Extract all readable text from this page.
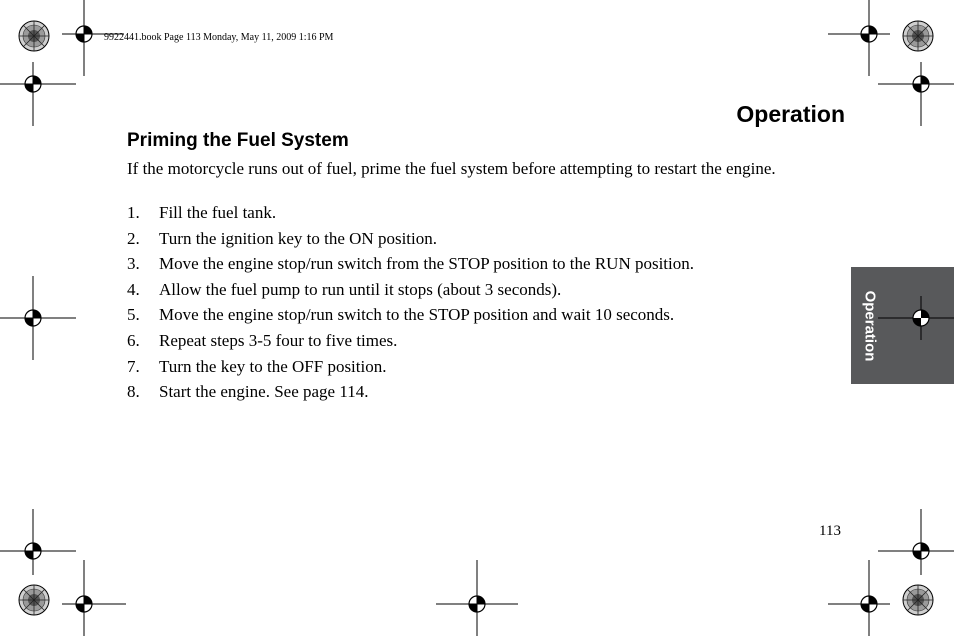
9922441.book Page 113 Monday, May 11, 2009 1:16 PM
Operation
Priming the Fuel System

If the motorcycle runs out of fuel, prime the fuel system before attempting to restart the engine.

1. Fill the fuel tank.
2. Turn the ignition key to the ON position.
3. Move the engine stop/run switch from the STOP position to the RUN position.
4. Allow the fuel pump to run until it stops (about 3 seconds).
5. Move the engine stop/run switch to the STOP position and wait 10 seconds.
6. Repeat steps 3-5 four to five times.
7. Turn the key to the OFF position.
8. Start the engine. See page 114.
Operation
113
